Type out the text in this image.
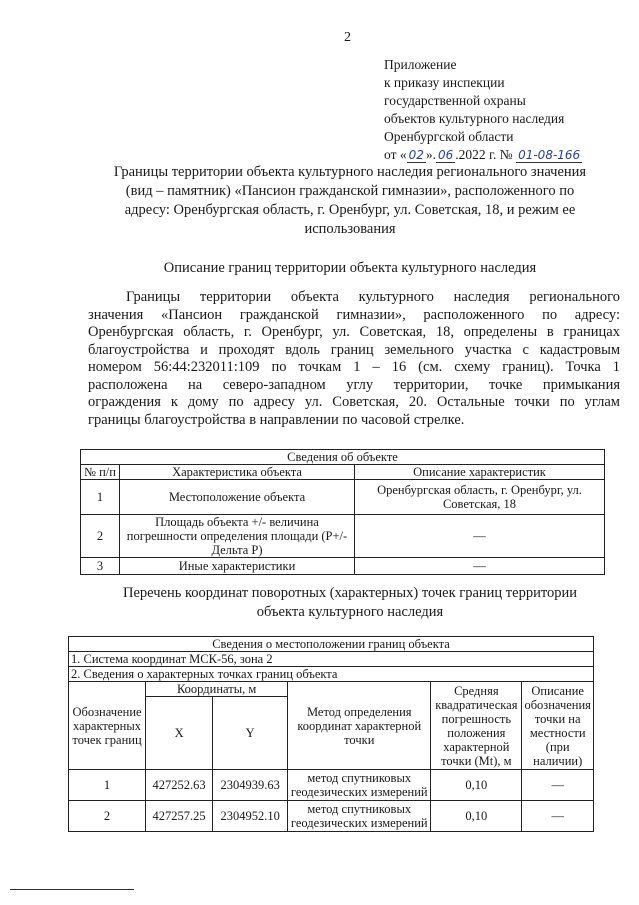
2
Приложение
к приказу инспекции
государственной охраны
объектов культурного наследия
Оренбургской области
от « 02 ». 06 .2022 г. № 01-08-166
Границы территории объекта культурного наследия регионального значения
(вид – памятник) «Пансион гражданской гимназии», расположенного по
адресу: Оренбургская область, г. Оренбург, ул. Советская, 18, и режим ее
использования
Описание границ территории объекта культурного наследия
Границы территории объекта культурного наследия регионального
значения «Пансион гражданской гимназии», расположенного по адресу:
Оренбургская область, г. Оренбург, ул. Советская, 18, определены в границах
благоустройства и проходят вдоль границ земельного участка с кадастровым
номером 56:44:232011:109 по точкам 1 – 16 (см. схему границ). Точка 1
расположена на северо-западном углу территории, точке примыкания
ограждения к дому по адресу ул. Советская, 20. Остальные точки по углам
границы благоустройства в направлении по часовой стрелке.
Сведения об объекте		
№ п/п	Характеристика объекта	Описание характеристик
1	Местоположение объекта	Оренбургская область, г. Оренбург, ул. Советская, 18
2	Площадь объекта +/- величина погрешности определения площади (P+/- Дельта P)	—
3	Иные характеристики	—
Перечень координат поворотных (характерных) точек границ территории
объекта культурного наследия
Сведения о местоположении границ объекта					
1. Система координат МСК-56, зона 2					
2. Сведения о характерных точках границ объекта					
Обозначение характерных точек границ	Координаты, м		Метод определения координат характерной точки	Средняя квадратическая погрешность положения характерной точки (Mt), м	Описание обозначения точки на местности (при наличии)
	X	Y			
1	427252.63	2304939.63	метод спутниковых геодезических измерений	0,10	—
2	427257.25	2304952.10	метод спутниковых геодезических измерений	0,10	—
